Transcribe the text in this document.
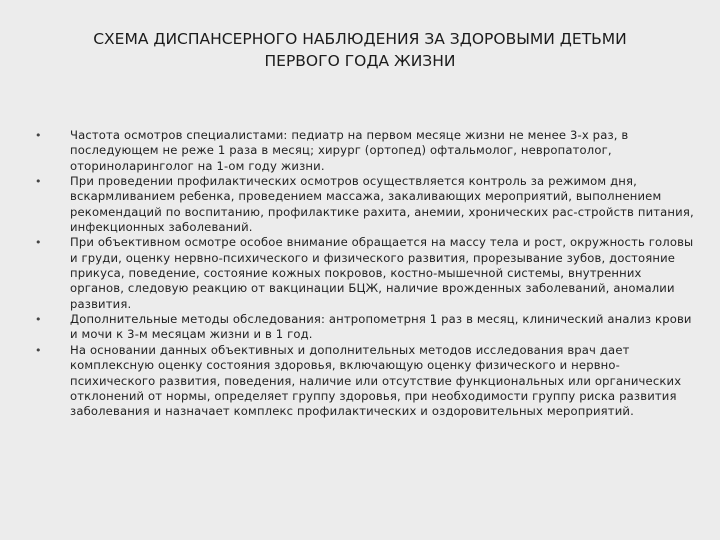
СХЕМА ДИСПАНСЕРНОГО НАБЛЮДЕНИЯ ЗА ЗДОРОВЫМИ ДЕТЬМИ
ПЕРВОГО ГОДА ЖИЗНИ
•	Частота осмотров специалистами: педиатр на первом месяце жизни не менее 3-х раз, в последующем не реже 1 раза в месяц; хирург (ортопед) офтальмолог, невропатолог, оториноларинголог на 1-ом году жизни.
•	При проведении профилактических осмотров осуществляется контроль за режимом дня, вскармливанием ребенка, проведением массажа, закаливающих мероприятий, выполнением рекомендаций по воспитанию, профилактике рахита, анемии, хронических рас-стройств питания, инфекционных заболеваний.
•	При объективном осмотре особое внимание обращается на массу тела и рост, окружность головы и груди, оценку нервно-психического и физического развития, прорезывание зубов, достояние прикуса, поведение, состояние кожных покровов, костно-мышечной системы, внутренних органов, следовую реакцию от вакцинации БЦЖ, наличие врожденных заболеваний, аномалии развития.
•	Дополнительные методы обследования: антропометрня 1 раз в месяц, клинический анализ крови и мочи к 3-м месяцам жизни и в 1 год.
•	На основании данных объективных и дополнительных методов исследования врач дает комплексную оценку состояния здоровья, включающую оценку физического и нервно-психического развития, поведения, наличие или отсутствие функциональных или органических отклонений от нормы, определяет группу здоровья, при необходимости группу риска развития заболевания и назначает комплекс профилактических и оздоровительных мероприятий.
